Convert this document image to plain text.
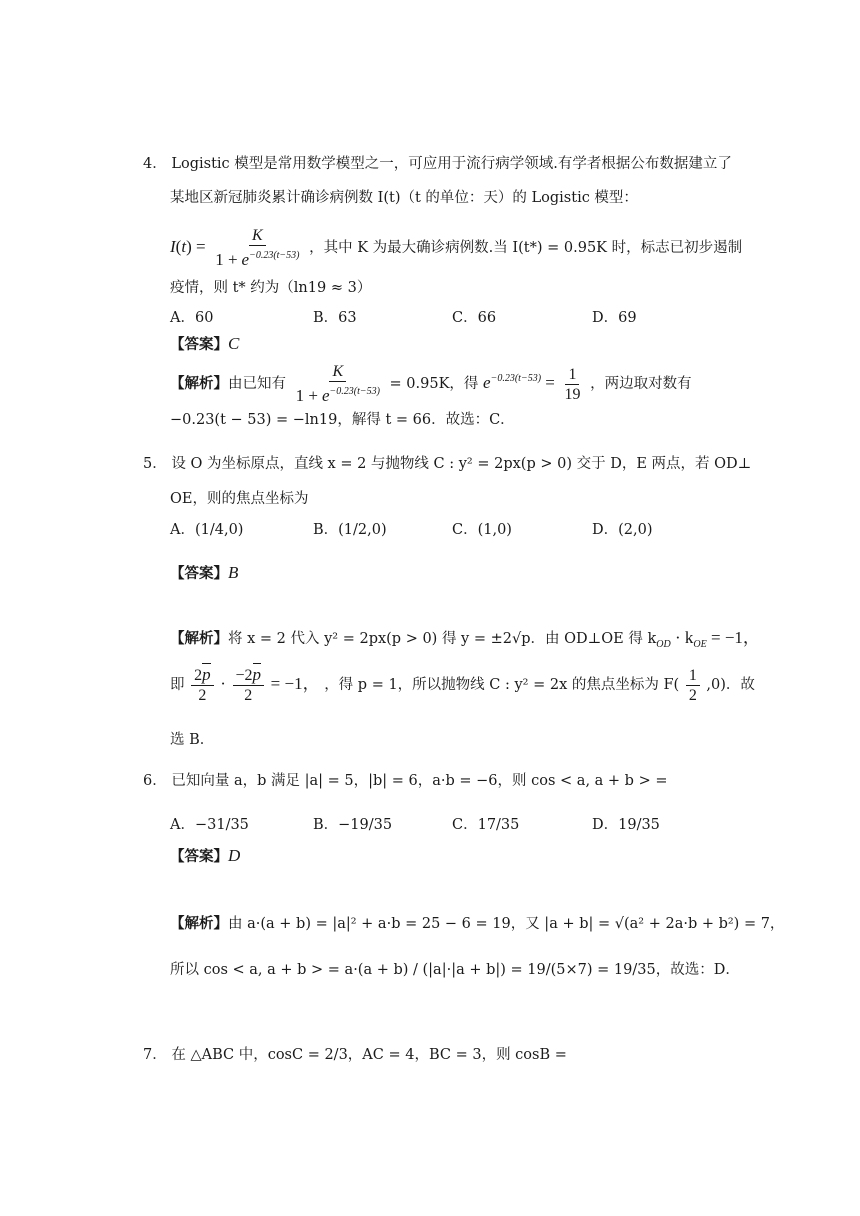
4． Logistic 模型是常用数学模型之一，可应用于流行病学领域.有学者根据公布数据建立了
某地区新冠肺炎累计确诊病例数 I(t)（t 的单位：天）的 Logistic 模型：
$I(t) = \frac{K}{1 + e^{-0.23(t-53)}}$ ，其中 K 为最大确诊病例数.当 I(t*) = 0.95K 时，标志已初步遏制
疫情，则 t* 约为（ln19 ≈ 3）
A．60	B．63	C．66	D．69
【答案】C
【解析】由已知有 $\frac{K}{1 + e^{-0.23(t-53)}} = 0.95K$，得 $e^{-0.23(t-53)} = \frac{1}{19}$ ，两边取对数有
−0.23(t − 53) = −ln19，解得 t = 66．故选：C．
5． 设 O 为坐标原点，直线 x = 2 与抛物线 C : y² = 2px(p > 0) 交于 D，E 两点，若 OD⊥
OE，则的焦点坐标为
A．(1/4,0)	B．(1/2,0)	C．(1,0)	D．(2,0)
【答案】B
【解析】将 x = 2 代入 y² = 2px(p > 0) 得 y = ±2√p．由 OD⊥OE 得 $k_{OD} \cdot k_{OE} = -1$，
即 $\frac{2p}{2} \cdot \frac{-2p}{2} = -1$， ，得 p = 1，所以抛物线 C : y² = 2x 的焦点坐标为 $F( \frac{1}{2} ,0)$．故
选 B．
6． 已知向量 a，b 满足 |a| = 5，|b| = 6，a·b = −6，则 cos < a, a + b > =
A．−31/35	B．−19/35	C．17/35	D．19/35
【答案】D
【解析】由 a·(a + b) = |a|² + a·b = 25 − 6 = 19，又 |a + b| = √(a² + 2a·b + b²) = 7，
所以 cos < a, a + b > = a·(a + b) / (|a|·|a + b|) = 19/(5×7) = 19/35，故选：D．
7． 在 △ABC 中，cosC = 2/3，AC = 4，BC = 3，则 cosB =
